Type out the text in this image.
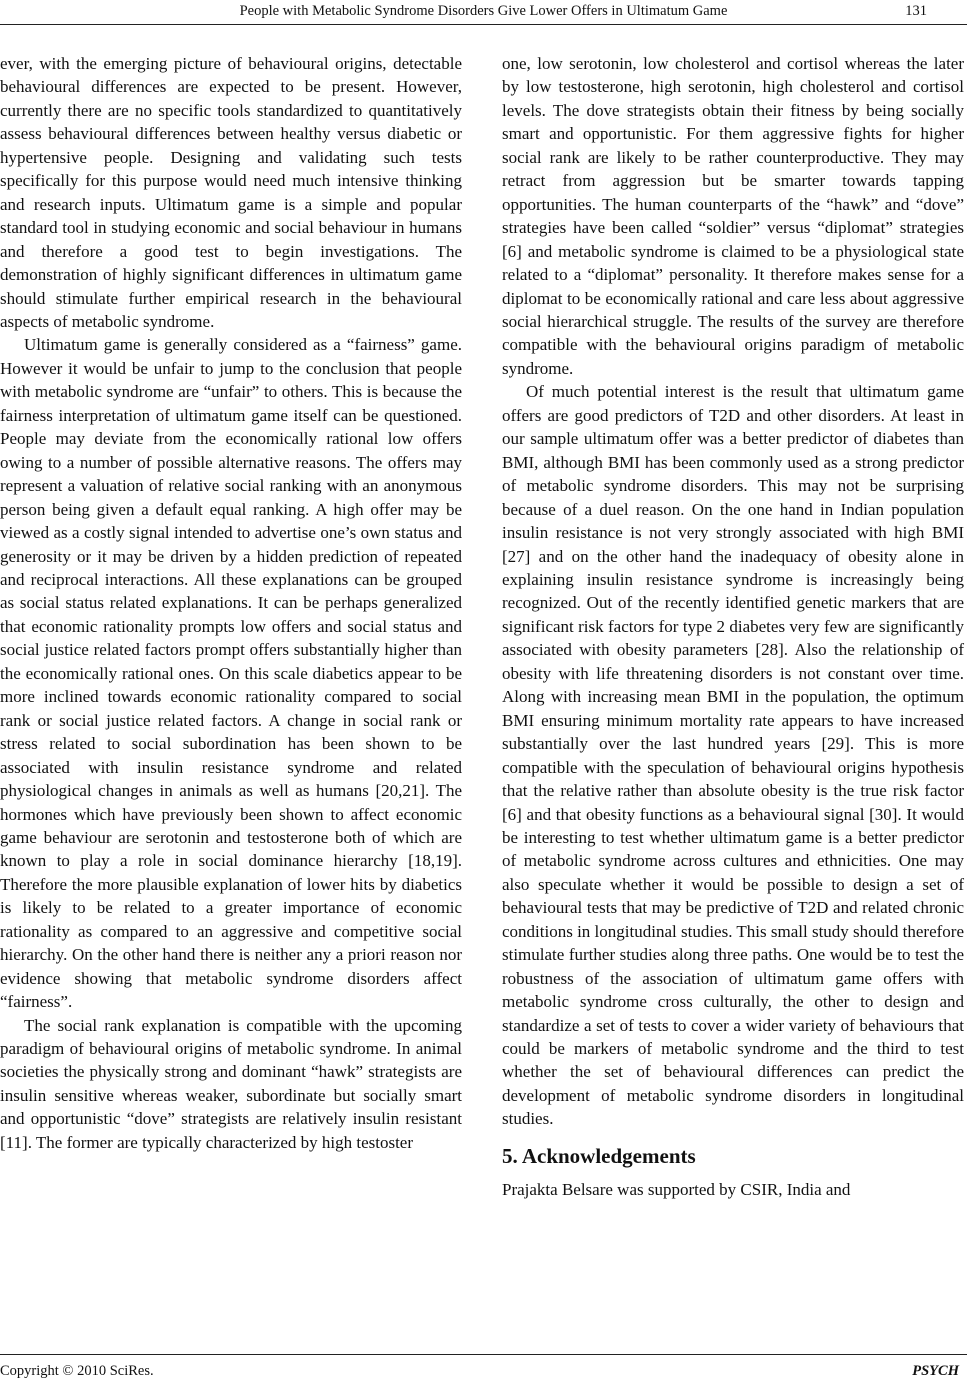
People with Metabolic Syndrome Disorders Give Lower Offers in Ultimatum Game	131

ever, with the emerging picture of behavioural origins, detectable behavioural differences are expected to be present. However, currently there are no specific tools standardized to quantitatively assess behavioural differences between healthy versus diabetic or hypertensive people. Designing and validating such tests specifically for this purpose would need much intensive thinking and research inputs. Ultimatum game is a simple and popular standard tool in studying economic and social behaviour in humans and therefore a good test to begin investigations. The demonstration of highly significant differences in ultimatum game should stimulate further empirical research in the behavioural aspects of metabolic syndrome.

Ultimatum game is generally considered as a “fairness” game. However it would be unfair to jump to the conclusion that people with metabolic syndrome are “unfair” to others. This is because the fairness interpretation of ultimatum game itself can be questioned. People may deviate from the economically rational low offers owing to a number of possible alternative reasons. The offers may represent a valuation of relative social ranking with an anonymous person being given a default equal ranking. A high offer may be viewed as a costly signal intended to advertise one’s own status and generosity or it may be driven by a hidden prediction of repeated and reciprocal interactions. All these explanations can be grouped as social status related explanations. It can be perhaps generalized that economic rationality prompts low offers and social status and social justice related factors prompt offers substantially higher than the economically rational ones. On this scale diabetics appear to be more inclined towards economic rationality compared to social rank or social justice related factors. A change in social rank or stress related to social subordination has been shown to be associated with insulin resistance syndrome and related physiological changes in animals as well as humans [20,21]. The hormones which have previously been shown to affect economic game behaviour are serotonin and testosterone both of which are known to play a role in social dominance hierarchy [18,19]. Therefore the more plausible explanation of lower hits by diabetics is likely to be related to a greater importance of economic rationality as compared to an aggressive and competitive social hierarchy. On the other hand there is neither any a priori reason nor evidence showing that metabolic syndrome disorders affect “fairness”.

The social rank explanation is compatible with the upcoming paradigm of behavioural origins of metabolic syndrome. In animal societies the physically strong and dominant “hawk” strategists are insulin sensitive whereas weaker, subordinate but socially smart and opportunistic “dove” strategists are relatively insulin resistant [11]. The former are typically characterized by high testoster

one, low serotonin, low cholesterol and cortisol whereas the later by low testosterone, high serotonin, high cholesterol and cortisol levels. The dove strategists obtain their fitness by being socially smart and opportunistic. For them aggressive fights for higher social rank are likely to be rather counterproductive. They may retract from aggression but be smarter towards tapping opportunities. The human counterparts of the “hawk” and “dove” strategies have been called “soldier” versus “diplomat” strategies [6] and metabolic syndrome is claimed to be a physiological state related to a “diplomat” personality. It therefore makes sense for a diplomat to be economically rational and care less about aggressive social hierarchical struggle. The results of the survey are therefore compatible with the behavioural origins paradigm of metabolic syndrome.

Of much potential interest is the result that ultimatum game offers are good predictors of T2D and other disorders. At least in our sample ultimatum offer was a better predictor of diabetes than BMI, although BMI has been commonly used as a strong predictor of metabolic syndrome disorders. This may not be surprising because of a duel reason. On the one hand in Indian population insulin resistance is not very strongly associated with high BMI [27] and on the other hand the inadequacy of obesity alone in explaining insulin resistance syndrome is increasingly being recognized. Out of the recently identified genetic markers that are significant risk factors for type 2 diabetes very few are significantly associated with obesity parameters [28]. Also the relationship of obesity with life threatening disorders is not constant over time. Along with increasing mean BMI in the population, the optimum BMI ensuring minimum mortality rate appears to have increased substantially over the last hundred years [29]. This is more compatible with the speculation of behavioural origins hypothesis that the relative rather than absolute obesity is the true risk factor [6] and that obesity functions as a behavioural signal [30]. It would be interesting to test whether ultimatum game is a better predictor of metabolic syndrome across cultures and ethnicities. One may also speculate whether it would be possible to design a set of behavioural tests that may be predictive of T2D and related chronic conditions in longitudinal studies. This small study should therefore stimulate further studies along three paths. One would be to test the robustness of the association of ultimatum game offers with metabolic syndrome cross culturally, the other to design and standardize a set of tests to cover a wider variety of behaviours that could be markers of metabolic syndrome and the third to test whether the set of behavioural differences can predict the development of metabolic syndrome disorders in longitudinal studies.

5. Acknowledgements

Prajakta Belsare was supported by CSIR, India and

Copyright © 2010 SciRes.	PSYCH
